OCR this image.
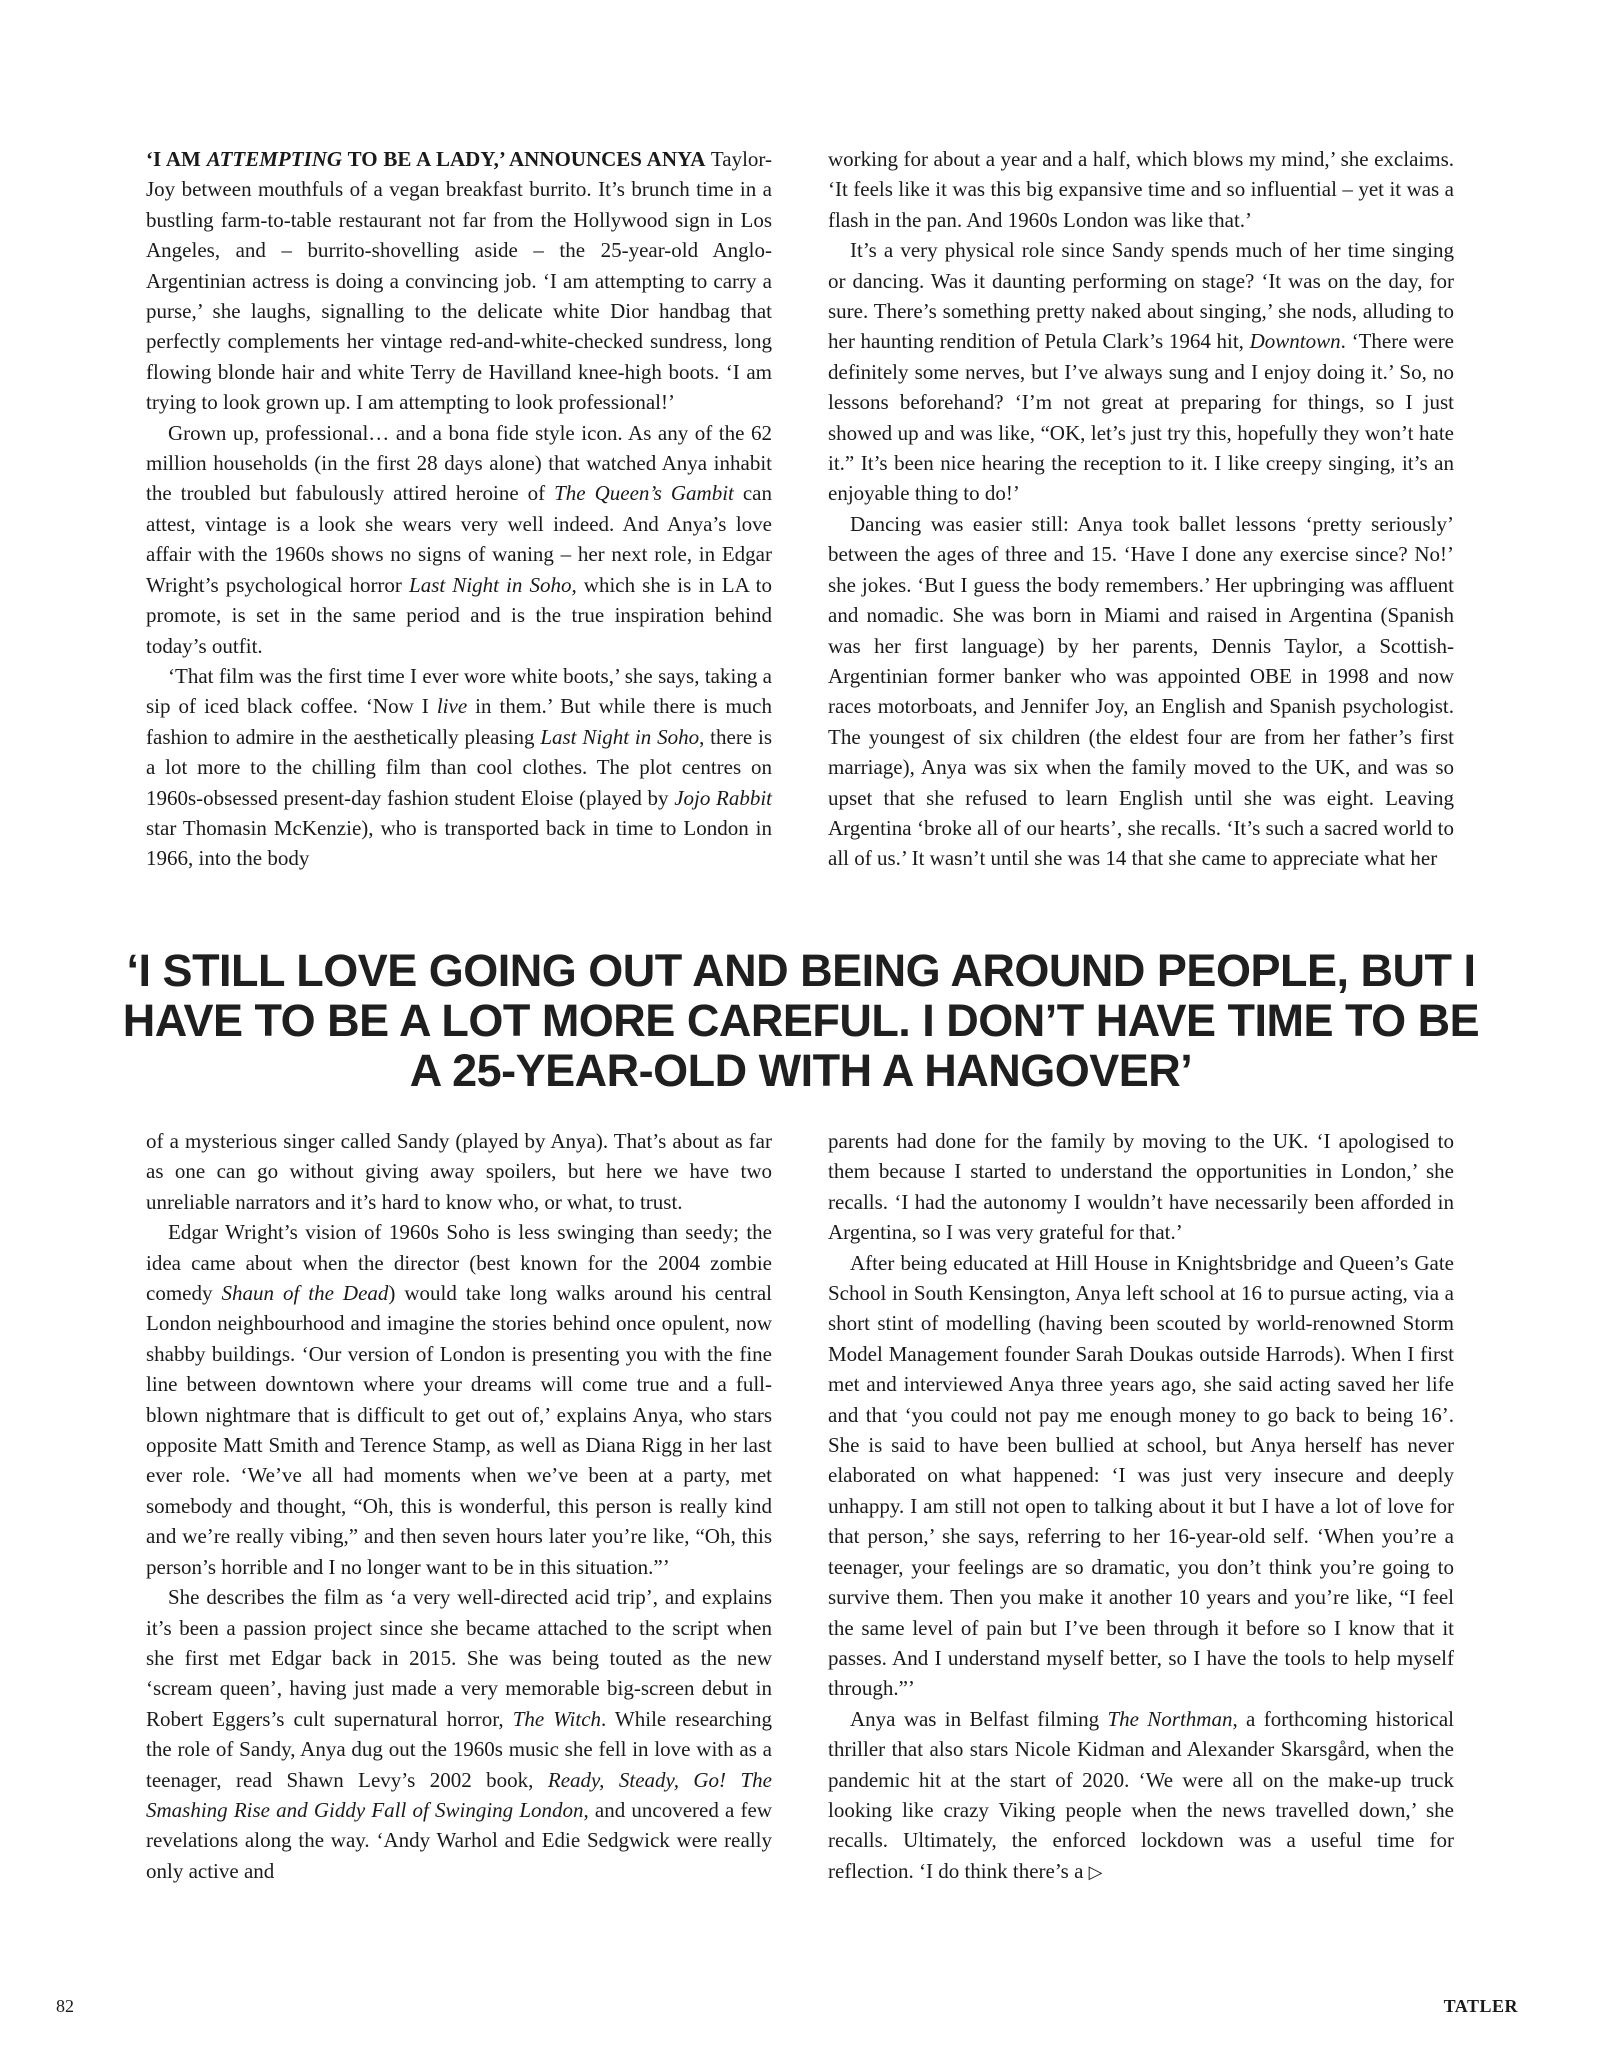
‘I AM ATTEMPTING TO BE A LADY,’ ANNOUNCES ANYA Taylor-Joy between mouthfuls of a vegan breakfast burrito. It’s brunch time in a bustling farm-to-table restaurant not far from the Hollywood sign in Los Angeles, and – burrito-shovelling aside – the 25-year-old Anglo-Argentinian actress is doing a convincing job. ‘I am attempting to carry a purse,’ she laughs, signalling to the delicate white Dior handbag that perfectly complements her vintage red-and-white-checked sundress, long flowing blonde hair and white Terry de Havilland knee-high boots. ‘I am trying to look grown up. I am attempting to look professional!’

Grown up, professional… and a bona fide style icon. As any of the 62 million households (in the first 28 days alone) that watched Anya inhabit the troubled but fabulously attired heroine of The Queen’s Gambit can attest, vintage is a look she wears very well indeed. And Anya’s love affair with the 1960s shows no signs of waning – her next role, in Edgar Wright’s psychological horror Last Night in Soho, which she is in LA to promote, is set in the same period and is the true inspiration behind today’s outfit.

‘That film was the first time I ever wore white boots,’ she says, taking a sip of iced black coffee. ‘Now I live in them.’ But while there is much fashion to admire in the aesthetically pleasing Last Night in Soho, there is a lot more to the chilling film than cool clothes. The plot centres on 1960s-obsessed present-day fashion student Eloise (played by Jojo Rabbit star Thomasin McKenzie), who is transported back in time to London in 1966, into the body

working for about a year and a half, which blows my mind,’ she exclaims. ‘It feels like it was this big expansive time and so influential – yet it was a flash in the pan. And 1960s London was like that.’

It’s a very physical role since Sandy spends much of her time singing or dancing. Was it daunting performing on stage? ‘It was on the day, for sure. There’s something pretty naked about singing,’ she nods, alluding to her haunting rendition of Petula Clark’s 1964 hit, Downtown. ‘There were definitely some nerves, but I’ve always sung and I enjoy doing it.’ So, no lessons beforehand? ‘I’m not great at preparing for things, so I just showed up and was like, “OK, let’s just try this, hopefully they won’t hate it.” It’s been nice hearing the reception to it. I like creepy singing, it’s an enjoyable thing to do!’

Dancing was easier still: Anya took ballet lessons ‘pretty seriously’ between the ages of three and 15. ‘Have I done any exercise since? No!’ she jokes. ‘But I guess the body remembers.’ Her upbringing was affluent and nomadic. She was born in Miami and raised in Argentina (Spanish was her first language) by her parents, Dennis Taylor, a Scottish-Argentinian former banker who was appointed OBE in 1998 and now races motorboats, and Jennifer Joy, an English and Spanish psychologist. The youngest of six children (the eldest four are from her father’s first marriage), Anya was six when the family moved to the UK, and was so upset that she refused to learn English until she was eight. Leaving Argentina ‘broke all of our hearts’, she recalls. ‘It’s such a sacred world to all of us.’ It wasn’t until she was 14 that she came to appreciate what her

‘I STILL LOVE GOING OUT AND BEING AROUND PEOPLE, BUT I HAVE TO BE A LOT MORE CAREFUL. I DON’T HAVE TIME TO BE A 25-YEAR-OLD WITH A HANGOVER’

of a mysterious singer called Sandy (played by Anya). That’s about as far as one can go without giving away spoilers, but here we have two unreliable narrators and it’s hard to know who, or what, to trust.

Edgar Wright’s vision of 1960s Soho is less swinging than seedy; the idea came about when the director (best known for the 2004 zombie comedy Shaun of the Dead) would take long walks around his central London neighbourhood and imagine the stories behind once opulent, now shabby buildings. ‘Our version of London is presenting you with the fine line between downtown where your dreams will come true and a full-blown nightmare that is difficult to get out of,’ explains Anya, who stars opposite Matt Smith and Terence Stamp, as well as Diana Rigg in her last ever role. ‘We’ve all had moments when we’ve been at a party, met somebody and thought, “Oh, this is wonderful, this person is really kind and we’re really vibing,” and then seven hours later you’re like, “Oh, this person’s horrible and I no longer want to be in this situation.”’

She describes the film as ‘a very well-directed acid trip’, and explains it’s been a passion project since she became attached to the script when she first met Edgar back in 2015. She was being touted as the new ‘scream queen’, having just made a very memorable big-screen debut in Robert Eggers’s cult supernatural horror, The Witch. While researching the role of Sandy, Anya dug out the 1960s music she fell in love with as a teenager, read Shawn Levy’s 2002 book, Ready, Steady, Go! The Smashing Rise and Giddy Fall of Swinging London, and uncovered a few revelations along the way. ‘Andy Warhol and Edie Sedgwick were really only active and

parents had done for the family by moving to the UK. ‘I apologised to them because I started to understand the opportunities in London,’ she recalls. ‘I had the autonomy I wouldn’t have necessarily been afforded in Argentina, so I was very grateful for that.’

After being educated at Hill House in Knightsbridge and Queen’s Gate School in South Kensington, Anya left school at 16 to pursue acting, via a short stint of modelling (having been scouted by world-renowned Storm Model Management founder Sarah Doukas outside Harrods). When I first met and interviewed Anya three years ago, she said acting saved her life and that ‘you could not pay me enough money to go back to being 16’. She is said to have been bullied at school, but Anya herself has never elaborated on what happened: ‘I was just very insecure and deeply unhappy. I am still not open to talking about it but I have a lot of love for that person,’ she says, referring to her 16-year-old self. ‘When you’re a teenager, your feelings are so dramatic, you don’t think you’re going to survive them. Then you make it another 10 years and you’re like, “I feel the same level of pain but I’ve been through it before so I know that it passes. And I understand myself better, so I have the tools to help myself through.”’

Anya was in Belfast filming The Northman, a forthcoming historical thriller that also stars Nicole Kidman and Alexander Skarsgård, when the pandemic hit at the start of 2020. ‘We were all on the make-up truck looking like crazy Viking people when the news travelled down,’ she recalls. Ultimately, the enforced lockdown was a useful time for reflection. ‘I do think there’s a ▷

82	TATLER
